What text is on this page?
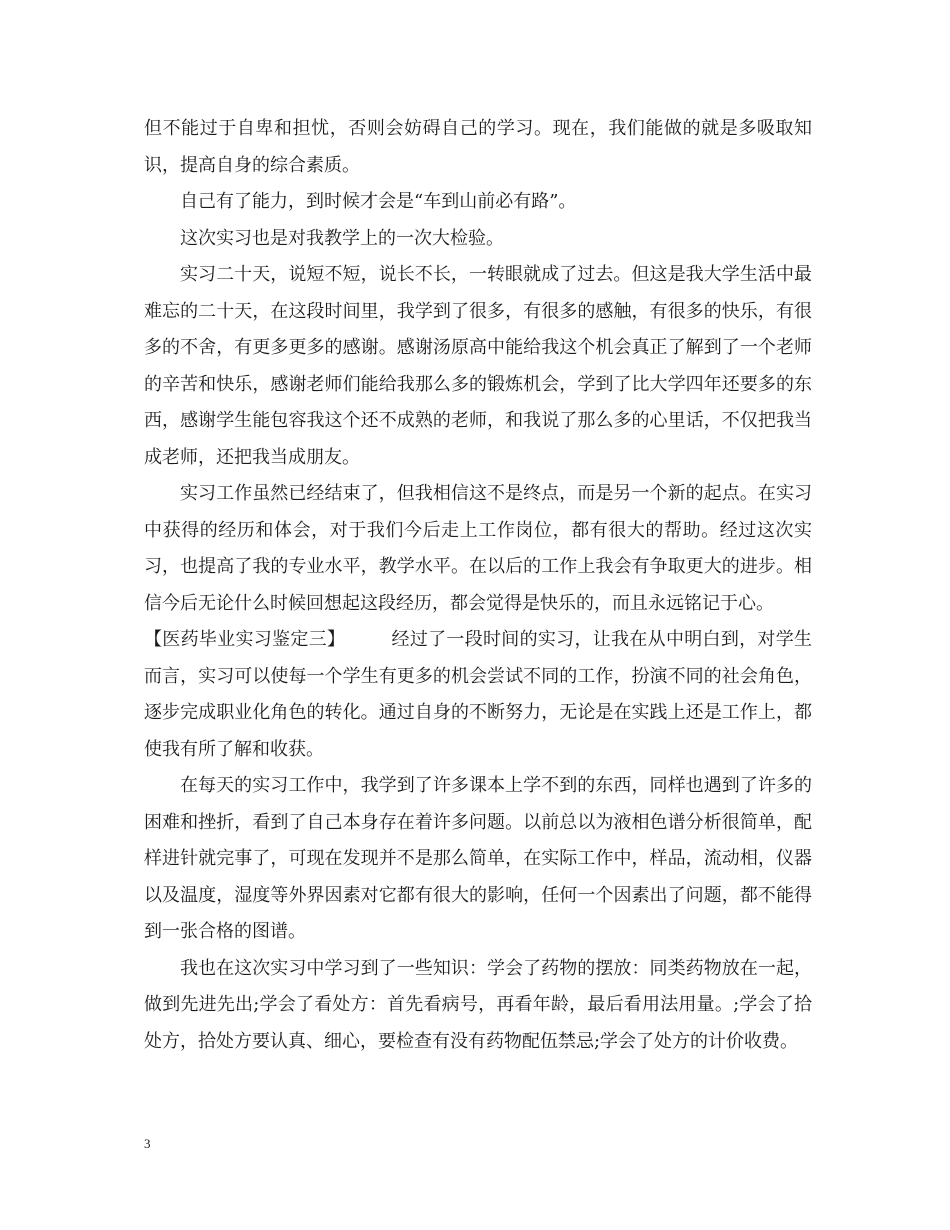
但不能过于自卑和担忧，否则会妨碍自己的学习。现在，我们能做的就是多吸取知识，提高自身的综合素质。

自己有了能力，到时候才会是“车到山前必有路”。

这次实习也是对我教学上的一次大检验。

实习二十天，说短不短，说长不长，一转眼就成了过去。但这是我大学生活中最难忘的二十天，在这段时间里，我学到了很多，有很多的感触，有很多的快乐，有很多的不舍，有更多更多的感谢。感谢汤原高中能给我这个机会真正了解到了一个老师的辛苦和快乐，感谢老师们能给我那么多的锻炼机会，学到了比大学四年还要多的东西，感谢学生能包容我这个还不成熟的老师，和我说了那么多的心里话，不仅把我当成老师，还把我当成朋友。

实习工作虽然已经结束了，但我相信这不是终点，而是另一个新的起点。在实习中获得的经历和体会，对于我们今后走上工作岗位，都有很大的帮助。经过这次实习，也提高了我的专业水平，教学水平。在以后的工作上我会有争取更大的进步。相信今后无论什么时候回想起这段经历，都会觉得是快乐的，而且永远铭记于心。

【医药毕业实习鉴定三】	经过了一段时间的实习，让我在从中明白到，对学生而言，实习可以使每一个学生有更多的机会尝试不同的工作，扮演不同的社会角色，逐步完成职业化角色的转化。通过自身的不断努力，无论是在实践上还是工作上，都使我有所了解和收获。

在每天的实习工作中，我学到了许多课本上学不到的东西，同样也遇到了许多的困难和挫折，看到了自己本身存在着许多问题。以前总以为液相色谱分析很简单，配样进针就完事了，可现在发现并不是那么简单，在实际工作中，样品，流动相，仪器以及温度，湿度等外界因素对它都有很大的影响，任何一个因素出了问题，都不能得到一张合格的图谱。

我也在这次实习中学习到了一些知识：学会了药物的摆放：同类药物放在一起，做到先进先出;学会了看处方：首先看病号，再看年龄，最后看用法用量。;学会了拾处方，拾处方要认真、细心，要检查有没有药物配伍禁忌;学会了处方的计价收费。

3
